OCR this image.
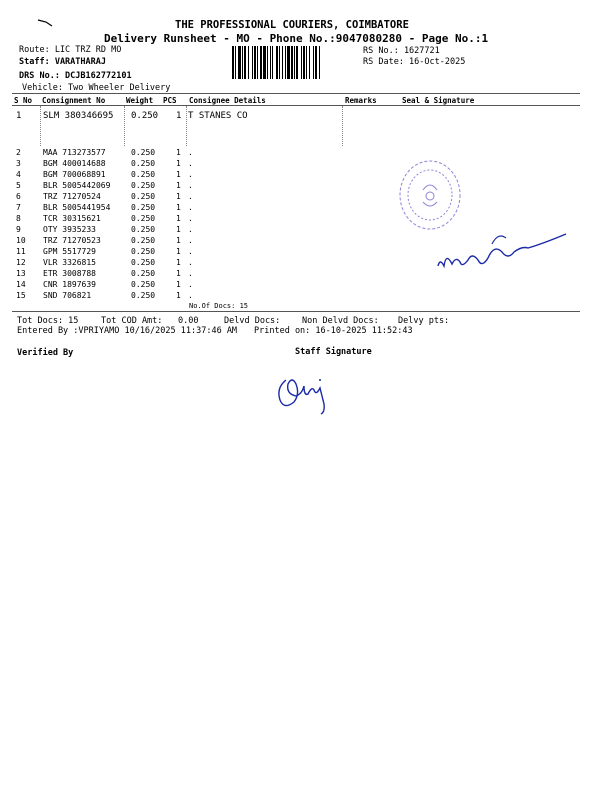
THE PROFESSIONAL COURIERS, COIMBATORE
Delivery Runsheet - MO - Phone No.:9047080280 - Page No.:1
Route: LIC TRZ RD MO
Staff: VARATHARAJ
DRS No.: DCJB162772101
Vehicle: Two Wheeler Delivery
RS No.: 1627721
RS Date: 16-Oct-2025
S No Consignment No	Weight PCS Consignee Details	Remarks	Seal & Signature
1 SLM 380346695 0.250 1 T STANES CO
2	MAA 713273577	0.250	1 .
3	BGM 400014688	0.250	1 .
4	BGM 700068891	0.250	1 .
5	BLR 5005442069	0.250	1 .
6	TRZ 71270524	0.250	1 .
7	BLR 5005441954	0.250	1 .
8	TCR 30315621	0.250	1 .
9	OTY 3935233	0.250	1 .
10 TRZ 71270523	0.250	1 .
11 GPM 5517729	0.250	1 .
12 VLR 3326815	0.250	1 .
13 ETR 3008788	0.250	1 .
14 CNR 1897639	0.250	1 .
15 SND 706821	0.250	1 .
No.Of Docs: 15
Tot Docs: 15	Tot COD Amt: 0.00	Delvd Docs:	Non Delvd Docs: Delvy pts:
Entered By :VPRIYAMO 10/16/2025 11:37:46 AM Printed on: 16-10-2025 11:52:43
Verified By	Staff Signature
